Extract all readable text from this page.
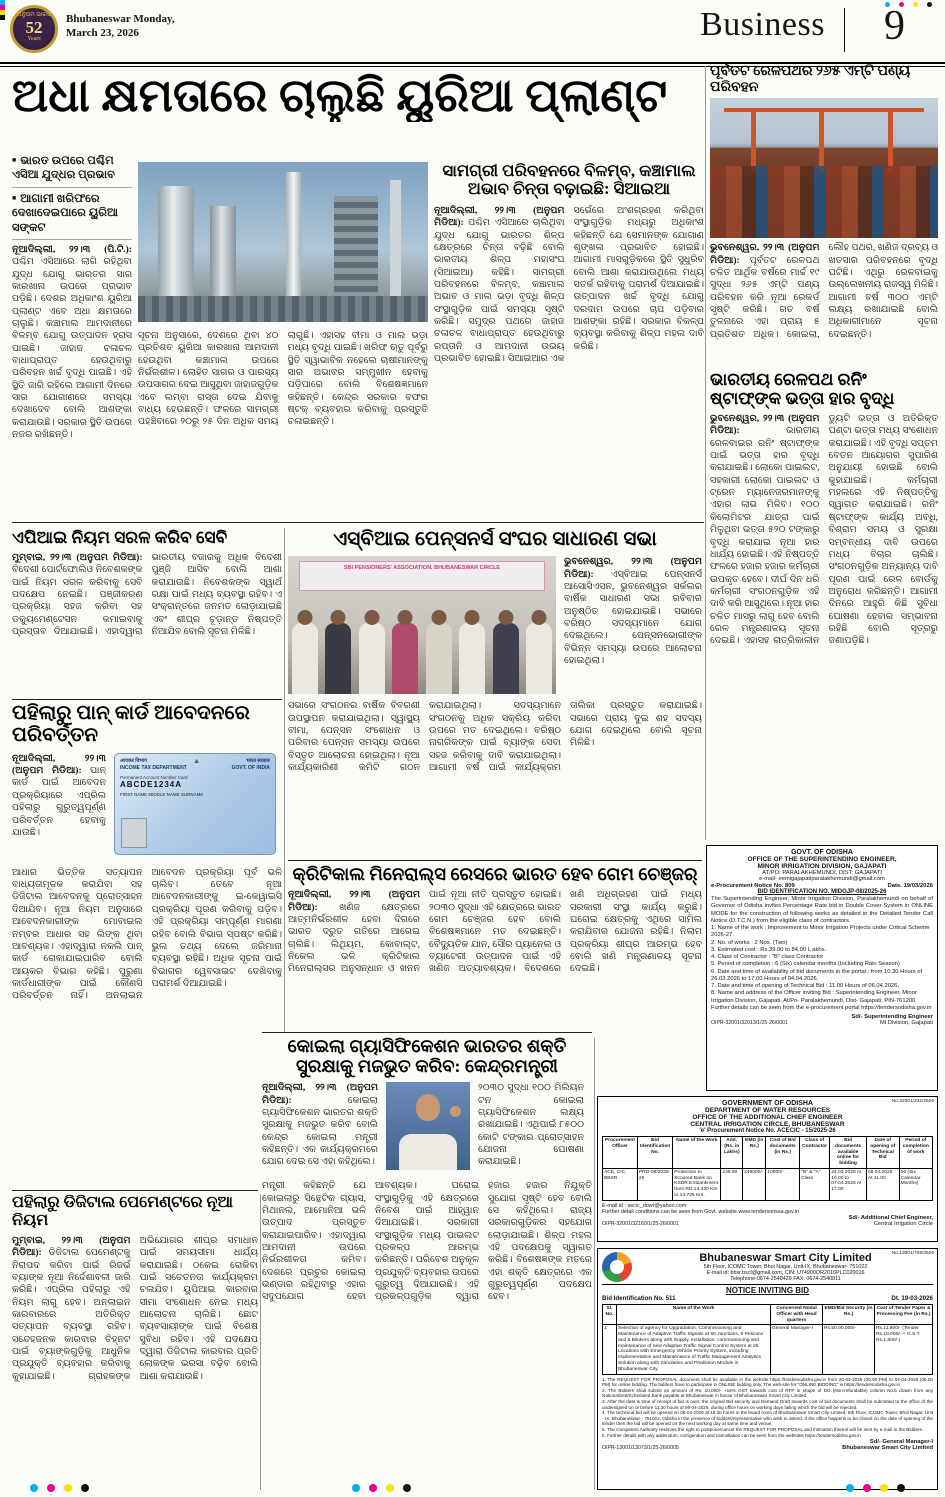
ଅନୁପମ ଭାରତ
52
Years
Bhubaneswar Monday,
March 23, 2026	Business 9
ଅଧା କ୍ଷମତାରେ ଚାଲୁଛି ୟୁରିଆ ପ୍ଲାଣ୍ଟ
■ ଭାରତ ଉପରେ ପଶ୍ଚିମ ଏସିଆ ଯୁଦ୍ଧର ପ୍ରଭାବ
■ ଆଗାମୀ ଖରିଫରେ ଦେଖାଦେଇପାରେ ୟୁରିଆ ସଙ୍କଟ
ନୂଆଦିଲ୍ଲୀ, ୨୨।୩ (ପି.ଟି.): ପଶ୍ଚିମ ଏସିଆରେ ଲାଗି ରହିଥିବା ଯୁଦ୍ଧ ଯୋଗୁ ଭାରତର ସାର କାରଖାନା ଉପରେ ପ୍ରଭାବ ପଡ଼ିଛି। ଦେଶର ଅଧିକାଂଶ ୟୁରିଆ ପ୍ଲାଣ୍ଟ ଏବେ ଅଧା କ୍ଷମତାରେ ଚାଲୁଛି। କଞ୍ଚାମାଲ ଆମଦାନୀରେ ବିଳମ୍ବ ଯୋଗୁ ଉତ୍ପାଦନ ହ୍ରାସ ପାଇଛି। ଜାହାଜ ଚଳାଚଳ ବାଧାପ୍ରାପ୍ତ ହେଉଥିବାରୁ ପରିବହନ ଖର୍ଚ୍ଚ ବୃଦ୍ଧି ପାଇଛି। ଏହି ସ୍ଥିତି ଜାରି ରହିଲେ ଆଗାମୀ ଦିନରେ ସାର ଯୋଗାଣରେ ସମସ୍ୟା ଦେଖାଦେବ ବୋଲି ଆଶଙ୍କା କରାଯାଉଛି। ସରକାର ସ୍ଥିତି ଉପରେ ନଜର ରଖିଛନ୍ତି।
ସୂଚନା ଅନୁସାରେ, ଦେଶରେ ଥିବା ୪୦ ପ୍ରତିଶତ ୟୁରିଆ କାରଖାନା ଆମଦାନୀ ହେଉଥିବା କଞ୍ଚାମାଲ ଉପରେ ନିର୍ଭରଶୀଳ। ଲୋହିତ ସାଗର ଓ ପାରସ୍ୟ ଉପସାଗର ଦେଇ ଆସୁଥିବା ଜାହାଜଗୁଡ଼ିକ ଏବେ ଲମ୍ବା ରାସ୍ତା ଦେଇ ଯିବାକୁ ବାଧ୍ୟ ହେଉଛନ୍ତି। ଫଳରେ ସାମଗ୍ରୀ ପହଞ୍ଚିବାରେ ୨୦ରୁ ୨୫ ଦିନ ଅଧିକ ସମୟ ଲାଗୁଛି। ଏହାସହ ବୀମା ଓ ମାଲ ଭଡ଼ା ମଧ୍ୟ ବୃଦ୍ଧି ପାଇଛି। ଖରିଫ ଋତୁ ପୂର୍ବରୁ ସ୍ଥିତି ସ୍ୱାଭାବିକ ନହେଲେ ଚାଷୀମାନଙ୍କୁ ସାର ଅଭାବର ସମ୍ମୁଖୀନ ହେବାକୁ ପଡ଼ିପାରେ ବୋଲି ବିଶେଷଜ୍ଞମାନେ କହିଛନ୍ତି। କେନ୍ଦ୍ର ସରକାର ବଫର ଷ୍ଟକ୍ ବ୍ୟବହାର କରିବାକୁ ପ୍ରସ୍ତୁତି ଚଳାଇଛନ୍ତି।
ସାମଗ୍ରୀ ପରିବହନରେ ବିଳମ୍ବ, କଞ୍ଚାମାଲ ଅଭାବ ଚିନ୍ତା ବଢ଼ାଇଛି: ସିଆଇଆ
ନୂଆଦିଲ୍ଲୀ, ୨୨।୩ (ଅନୁପମ ମିଡିଆ): ପଶ୍ଚିମ ଏସିଆରେ ଚାଲିଥିବା ଯୁଦ୍ଧ ଯୋଗୁ ଭାରତର ଶିଳ୍ପ କ୍ଷେତ୍ରରେ ଚିନ୍ତା ବଢ଼ିଛି ବୋଲି ଭାରତୀୟ ଶିଳ୍ପ ମହାସଂଘ (ସିଆଇଆ) କହିଛି। ସାମଗ୍ରୀ ପରିବହନରେ ବିଳମ୍ବ, କଞ୍ଚାମାଲ ଅଭାବ ଓ ମାଲ ଭଡ଼ା ବୃଦ୍ଧି ଶିଳ୍ପ ସଂସ୍ଥାଗୁଡ଼ିକ ପାଇଁ ସମସ୍ୟା ସୃଷ୍ଟି କରିଛି। ସମୁଦ୍ର ପଥରେ ଜାହାଜ ଚଳାଚଳ ବାଧାପ୍ରାପ୍ତ ହେଉଥିବାରୁ ରପ୍ତାନି ଓ ଆମଦାନୀ ଉଭୟ ପ୍ରଭାବିତ ହୋଇଛି। ସିଆଇଆର ଏକ ସର୍ଭେରେ ଅଂଶଗ୍ରହଣ କରିଥିବା ସଂସ୍ଥାଗୁଡ଼ିକ ମଧ୍ୟରୁ ଅଧିକାଂଶ କହିଛନ୍ତି ଯେ ସେମାନଙ୍କ ଯୋଗାଣ ଶୃଙ୍ଖଳା ପ୍ରଭାବିତ ହୋଇଛି। ଆଗାମୀ ମାସଗୁଡ଼ିକରେ ସ୍ଥିତି ସୁଧୁରିବ ବୋଲି ଆଶା କରାଯାଉଥିଲେ ମଧ୍ୟ ସତର୍କ ରହିବାକୁ ପରାମର୍ଶ ଦିଆଯାଇଛି। ଉତ୍ପାଦନ ଖର୍ଚ୍ଚ ବୃଦ୍ଧି ଯୋଗୁ ଦରଦାମ ଉପରେ ଚାପ ପଡ଼ିବାର ଆଶଙ୍କା ରହିଛି। ସରକାର ବିକଳ୍ପ ବ୍ୟବସ୍ଥା କରିବାକୁ ଶିଳ୍ପ ମହଲ ଦାବି କରିଛି।
ପୂର୍ବତଟ ରେଳପଥର ୨୬୫ ଏମ୍ଟି ପଣ୍ୟ ପରିବହନ
ଭୁବନେଶ୍ୱର, ୨୨।୩ (ଅନୁପମ ମିଡିଆ): ପୂର୍ବତଟ ରେଳପଥ ଚଳିତ ଆର୍ଥିକ ବର୍ଷରେ ମାର୍ଚ୍ଚ ୧୯ ସୁଦ୍ଧା ୨୬୫ ଏମ୍ଟି ପଣ୍ୟ ପରିବହନ କରି ନୂଆ ରେକର୍ଡ ସୃଷ୍ଟି କରିଛି। ଗତ ବର୍ଷ ତୁଳନାରେ ଏହା ପ୍ରାୟ ୫ ପ୍ରତିଶତ ଅଧିକ। କୋଇଲା, ଲୌହ ପଥର, ଖଣିଜ ଦ୍ରବ୍ୟ ଓ ଖତସାର ପରିବହନରେ ବୃଦ୍ଧି ଘଟିଛି। ଏଥିରୁ ରେଳବାଇକୁ ଉଲ୍ଲେଖନୀୟ ରାଜସ୍ୱ ମିଳିଛି। ଆଗାମୀ ବର୍ଷ ୩୦୦ ଏମ୍ଟି ଲକ୍ଷ୍ୟ ରଖାଯାଇଛି ବୋଲି ଅଧିକାରୀମାନେ ସୂଚନା ଦେଇଛନ୍ତି।
ଭାରତୀୟ ରେଳପଥ ରନିଂ ଷ୍ଟାଫ୍ଙ୍କ ଭତ୍ତା ହାର ବୃଦ୍ଧି
ଭୁବନେଶ୍ୱର, ୨୨।୩ (ଅନୁପମ ମିଡିଆ):	ଭାରତୀୟ ରେଳବାଇର ରନିଂ ଷ୍ଟାଫ୍ଙ୍କ ପାଇଁ ଭତ୍ତା ହାର ବୃଦ୍ଧି କରାଯାଇଛି। ଲୋକୋ ପାଇଲଟ, ସହକାରୀ ଲୋକୋ ପାଇଲଟ ଓ ଟ୍ରେନ ମ୍ୟାନେଜରମାନଙ୍କୁ ଏହାର ଲାଭ ମିଳିବ। ୧୦୦ କିଲୋମିଟର ଯାତ୍ରା ପାଇଁ ମିଳୁଥିବା ଭତ୍ତା ୫୨୦ ଟଙ୍କାରୁ ବୃଦ୍ଧି କରାଯାଇ ନୂଆ ହାର ଧାର୍ଯ୍ୟ ହୋଇଛି। ଏହି ନିଷ୍ପତ୍ତି ଫଳରେ ହଜାର ହଜାର କର୍ମଚାରୀ ଉପକୃତ ହେବେ। ଦୀର୍ଘ ଦିନ ଧରି କର୍ମଚାରୀ ସଂଗଠନଗୁଡ଼ିକ ଏହି ଦାବି କରି ଆସୁଥିଲେ। ନୂଆ ହାର ଚଳିତ ମାସରୁ ଲାଗୁ ହେବ ବୋଲି ରେଳ ମନ୍ତ୍ରଣାଳୟ ସୂଚନା ଦେଇଛି। ଏହାସହ ରାତ୍ରିକାଳୀନ ଡ୍ୟୁଟି ଭତ୍ତା ଓ ଅତିରିକ୍ତ ଘଣ୍ଟା ଭତ୍ତା ମଧ୍ୟ ସଂଶୋଧନ କରାଯାଇଛି। ଏହି ବୃଦ୍ଧି ସପ୍ତମ ବେତନ ଆୟୋଗର ସୁପାରିଶ ଅନୁଯାୟୀ ହୋଇଛି ବୋଲି କୁହାଯାଇଛି। କର୍ମଚାରୀ ମହଲରେ ଏହି ନିଷ୍ପତ୍ତିକୁ ସ୍ୱାଗତ କରାଯାଇଛି। ରନିଂ ଷ୍ଟାଫ୍ଙ୍କ କାର୍ଯ୍ୟ ଅବଧି, ବିଶ୍ରାମ ସମୟ ଓ ସୁରକ୍ଷା ସମ୍ବନ୍ଧୀୟ ଦାବି ଉପରେ ମଧ୍ୟ ବିଚାର ଚାଲିଛି। ସଂଗଠନଗୁଡ଼ିକ ଅନ୍ୟାନ୍ୟ ଦାବି ପୂରଣ ପାଇଁ ରେଳ ବୋର୍ଡକୁ ଅନୁରୋଧ କରିଛନ୍ତି। ଆଗାମୀ ଦିନରେ ଆହୁରି କିଛି ସୁବିଧା ଘୋଷଣା ହେବାର ସମ୍ଭାବନା ରହିଛି ବୋଲି ସୂତ୍ରରୁ ଜଣାପଡ଼ିଛି।
ଏପିଆଇ ନିୟମ ସରଳ କରିବ ସେବି
ମୁମ୍ବାଇ, ୨୨।୩ (ଅନୁପମ ମିଡିଆ): ବିଦେଶୀ ପୋର୍ଟଫୋଲିଓ ନିବେଶକଙ୍କ ପାଇଁ ନିୟମ ସରଳ କରିବାକୁ ସେବି ପଦକ୍ଷେପ ନେଇଛି। ପଞ୍ଜୀକରଣ ପ୍ରକ୍ରିୟା ସହଜ କରିବା ସହ ଡକ୍ୟୁମେଣ୍ଟେସନ କମାଇବାକୁ ପ୍ରସ୍ତାବ ଦିଆଯାଇଛି। ଏହାଦ୍ୱାରା ଭାରତୀୟ ବଜାରକୁ ଅଧିକ ବିଦେଶୀ ପୁଞ୍ଜି ଆସିବ ବୋଲି ଆଶା କରାଯାଉଛି। ନିବେଶକଙ୍କ ସ୍ୱାର୍ଥ ରକ୍ଷା ପାଇଁ ମଧ୍ୟ ବ୍ୟବସ୍ଥା ରହିବ। ଏ ସଂକ୍ରାନ୍ତରେ ଜନମତ ଲୋଡ଼ାଯାଇଛି ଏବଂ ଶୀଘ୍ର ଚୂଡ଼ାନ୍ତ ନିଷ୍ପତ୍ତି ନିଆଯିବ ବୋଲି ସୂଚନା ମିଳିଛି।
ଏସ୍‌ବିଆଇ ପେନ୍ସନର୍ସ ସଂଘର ସାଧାରଣ ସଭା
SBI PENSIONERS' ASSOCIATION, BHUBANESWAR CIRCLE
ଭୁବନେଶ୍ୱର, ୨୨।୩ (ଅନୁପମ ମିଡିଆ): ଏସ୍‌ବିଆଇ ପେନ୍ସନର୍ସ ଆସୋସିଏସନ, ଭୁବନେଶ୍ୱର ସର୍କଲର ବାର୍ଷିକ ସାଧାରଣ ସଭା ରବିବାର ଅନୁଷ୍ଠିତ ହୋଇଯାଇଛି। ସଭାରେ ବରିଷ୍ଠ ସଦସ୍ୟମାନେ ଯୋଗ ଦେଇଥିଲେ। ପେନ୍ସନଭୋଗୀଙ୍କ ବିଭିନ୍ନ ସମସ୍ୟା ଉପରେ ଆଲୋଚନା ହୋଇଥିଲା।
ସଭାରେ ସଂଗଠନର ବାର୍ଷିକ ବିବରଣୀ ଉପସ୍ଥାପନ କରାଯାଇଥିଲା। ସ୍ୱାସ୍ଥ୍ୟ ବୀମା, ପେନ୍ସନ ସଂଶୋଧନ ଓ ପରିବାର ପେନ୍ସନ ସମସ୍ୟା ଉପରେ ବିସ୍ତୃତ ଆଲୋଚନା ହୋଇଥିଲା। ନୂଆ କାର୍ଯ୍ୟକାରିଣୀ କମିଟି ଗଠନ କରାଯାଇଥିଲା। ସଦସ୍ୟମାନେ ସଂଗଠନକୁ ଅଧିକ ସକ୍ରିୟ କରିବା ଉପରେ ମତ ଦେଇଥିଲେ। ବରିଷ୍ଠ ନାଗରିକଙ୍କ ପାଇଁ ବ୍ୟାଙ୍କ ସେବା ସହଜ କରିବାକୁ ଦାବି କରାଯାଇଥିଲା। ଆଗାମୀ ବର୍ଷ ପାଇଁ କାର୍ଯ୍ୟକ୍ରମ ତାଲିକା ପ୍ରସ୍ତୁତ କରାଯାଇଛି। ସଭାରେ ପ୍ରାୟ ଦୁଇ ଶହ ସଦସ୍ୟ ଯୋଗ ଦେଇଥିଲେ ବୋଲି ସୂଚନା ମିଳିଛି।
ପହିଲାରୁ ପାନ୍ କାର୍ଡ ଆବେଦନରେ ପରିବର୍ତ୍ତନ
ନୂଆଦିଲ୍ଲୀ, ୨୨।୩ (ଅନୁପମ ମିଡିଆ): ପାନ୍ କାର୍ଡ ପାଇଁ ଆବେଦନ ପ୍ରକ୍ରିୟାରେ ଏପ୍ରିଲ ପହିଲାରୁ ଗୁରୁତ୍ୱପୂର୍ଣ୍ଣ ପରିବର୍ତ୍ତନ ହେବାକୁ ଯାଉଛି।
आयकर विभाग	▲	भारत सरकार
INCOME TAX DEPARTMENT	GOVT. OF INDIA
Permanent Account Number Card
ABCDE1234A
FIRST NAME MIDDLE NAME SURNAME
ଆଧାର ଭିତ୍ତିକ ସତ୍ୟାପନ ବାଧ୍ୟତାମୂଳକ କରାଯିବା ସହ ଡିଜିଟାଲ ଆବେଦନକୁ ପ୍ରୋତ୍ସାହନ ଦିଆଯିବ। ନୂଆ ନିୟମ ଅନୁସାରେ ଆବେଦନକାରୀଙ୍କ ମୋବାଇଲ ନମ୍ବର ଆଧାର ସହ ଲିଙ୍କ ଥିବା ଆବଶ୍ୟକ। ଏହାଦ୍ୱାରା ନକଲି ପାନ୍ କାର୍ଡ ରୋକାଯାଇପାରିବ ବୋଲି ଆୟକର ବିଭାଗ କହିଛି। ପୁରୁଣା କାର୍ଡଧାରୀଙ୍କ ପାଇଁ କୌଣସି ପରିବର୍ତ୍ତନ ନାହିଁ। ଅନଲାଇନ ଆବେଦନ ପ୍ରକ୍ରିୟା ପୂର୍ବ ଭଳି ଚାଲିବ। ତେବେ ନୂଆ ଆବେଦନକାରୀଙ୍କୁ ଇ-କେୱାଇସି ପ୍ରକ୍ରିୟା ପୂରଣ କରିବାକୁ ପଡ଼ିବ। ଏହି ପ୍ରକ୍ରିୟା ସମ୍ପୂର୍ଣ୍ଣ ମାଗଣା ରହିବ ବୋଲି ବିଭାଗ ସ୍ପଷ୍ଟ କରିଛି। ଭୁଲ ତଥ୍ୟ ଦେଲେ ଜରିମାନା ବ୍ୟବସ୍ଥା ରହିଛି। ଅଧିକ ସୂଚନା ପାଇଁ ବିଭାଗର ୱେବସାଇଟ ଦେଖିବାକୁ ପରାମର୍ଶ ଦିଆଯାଇଛି।
କ୍ରିଟିକାଲ ମିନେରାଲ୍ସ ରେସରେ ଭାରତ ହେବ ଗେମ ଚେଞ୍ଜର୍
ନୂଆଦିଲ୍ଲୀ, ୨୨।୩ (ଅନୁପମ ମିଡିଆ): ଖଣିଜ କ୍ଷେତ୍ରରେ ଆତ୍ମନିର୍ଭରଶୀଳ ହେବା ଦିଗରେ ଭାରତ ଦ୍ରୁତ ଗତିରେ ଆଗେଇ ଚାଲିଛି। ଲିଥିୟମ, କୋବାଲ୍ଟ, ନିକେଲ ଭଳି କ୍ରିଟିକାଲ ମିନେରାଲ୍ସର ଅନୁସନ୍ଧାନ ଓ ଖନନ ପାଇଁ ନୂଆ ନୀତି ପ୍ରସ୍ତୁତ ହୋଇଛି। ୨୦୩୦ ସୁଦ୍ଧା ଏହି କ୍ଷେତ୍ରରେ ଭାରତ ଗେମ ଚେଞ୍ଜର ହେବ ବୋଲି ବିଶେଷଜ୍ଞମାନେ ମତ ଦେଇଛନ୍ତି। ବୈଦ୍ୟୁତିକ ଯାନ, ସୌର ପ୍ୟାନେଲ ଓ ବ୍ୟାଟେରୀ ଉତ୍ପାଦନ ପାଇଁ ଏହି ଖଣିଜ ଅତ୍ୟାବଶ୍ୟକ। ବିଦେଶରେ ଖଣି ଅଧିଗ୍ରହଣ ପାଇଁ ମଧ୍ୟ ସରକାରୀ ସଂସ୍ଥା କାର୍ଯ୍ୟ କରୁଛି। ଘରୋଇ କ୍ଷେତ୍ରକୁ ଏଥିରେ ସାମିଲ କରାଯିବାର ଯୋଜନା ରହିଛି। ନିଲାମ ପ୍ରକ୍ରିୟା ଶୀଘ୍ର ଆରମ୍ଭ ହେବ ବୋଲି ଖଣି ମନ୍ତ୍ରଣାଳୟ ସୂଚନା ଦେଇଛି।
କୋଇଲା ଗ୍ୟାସିଫିକେଶନ ଭାରତର ଶକ୍ତି ସୁରକ୍ଷାକୁ ମଜଭୁତ କରିବ: କେନ୍ଦ୍ରମନ୍ତ୍ରୀ
ନୂଆଦିଲ୍ଲୀ, ୨୨।୩ (ଅନୁପମ ମିଡିଆ):	କୋଇଲା ଗ୍ୟାସିଫିକେଶନ ଭାରତର ଶକ୍ତି ସୁରକ୍ଷାକୁ ମଜଭୁତ କରିବ ବୋଲି କେନ୍ଦ୍ର କୋଇଲା ମନ୍ତ୍ରୀ କହିଛନ୍ତି। ଏକ କାର୍ଯ୍ୟକ୍ରମରେ ଯୋଗ ଦେଇ ସେ ଏହା କହିଥିଲେ।
୨୦୩୦ ସୁଦ୍ଧା ୧୦୦ ମିଲିୟନ ଟନ କୋଇଲା ଗ୍ୟାସିଫିକେଶନ ଲକ୍ଷ୍ୟ ରଖାଯାଇଛି। ଏଥିପାଇଁ ୮୫୦୦ କୋଟି ଟଙ୍କାର ପ୍ରୋତ୍ସାହନ ଯୋଜନା ଘୋଷଣା କରାଯାଇଛି।
ମନ୍ତ୍ରୀ କହିଛନ୍ତି ଯେ କୋଇଲାରୁ ସିନ୍ଥେଟିକ ଗ୍ୟାସ, ମିଥାନଲ, ଆମୋନିଆ ଭଳି ଉତ୍ପାଦ ପ୍ରସ୍ତୁତ କରାଯାଇପାରିବ। ଏହାଦ୍ୱାରା ଆମଦାନୀ ଉପରେ ନିର୍ଭରଶୀଳତା କମିବ। ଦେଶରେ ପ୍ରଚୁର କୋଇଲା ଭଣ୍ଡାର ରହିଥିବାରୁ ଏହାର ସଦୁପଯୋଗ ହେବା ଆବଶ୍ୟକ। ଘରୋଇ ସଂସ୍ଥାଗୁଡ଼ିକୁ ଏହି କ୍ଷେତ୍ରରେ ନିବେଶ ପାଇଁ ଆହ୍ୱାନ ଦିଆଯାଇଛି। ସରକାରୀ ସଂସ୍ଥାଗୁଡ଼ିକ ମଧ୍ୟ ପାଇଲଟ ପ୍ରକଳ୍ପ ଆରମ୍ଭ କରିଛନ୍ତି। ପରିବେଶ ଅନୁକୂଳ ପ୍ରଯୁକ୍ତି ବ୍ୟବହାର ଉପରେ ଗୁରୁତ୍ୱ ଦିଆଯାଉଛି। ଏହି ପ୍ରକଳ୍ପଗୁଡ଼ିକ ଦ୍ୱାରା ହଜାର ହଜାର ନିଯୁକ୍ତି ସୁଯୋଗ ସୃଷ୍ଟି ହେବ ବୋଲି ସେ କହିଥିଲେ। ରାଜ୍ୟ ସରକାରଗୁଡ଼ିକର ସହଯୋଗ ଲୋଡ଼ାଯାଇଛି। ଶିଳ୍ପ ମହଲ ଏହି ପଦକ୍ଷେପକୁ ସ୍ୱାଗତ କରିଛି। ବିଶେଷଜ୍ଞଙ୍କ ମତରେ ଏହା ଶକ୍ତି କ୍ଷେତ୍ରରେ ଏକ ଗୁରୁତ୍ୱପୂର୍ଣ୍ଣ ପଦକ୍ଷେପ ହେବ।
ପହିଲାରୁ ଡିଜିଟାଲ ପେମେଣ୍ଟରେ ନୂଆ ନିୟମ
ମୁମ୍ବାଇ, ୨୨।୩ (ଅନୁପମ ମିଡିଆ): ଡିଜିଟାଲ ପେମେଣ୍ଟକୁ ନିରାପଦ କରିବା ପାଇଁ ରିଜର୍ଭ ବ୍ୟାଙ୍କ ନୂଆ ନିର୍ଦ୍ଦେଶାବଳୀ ଜାରି କରିଛି। ଏପ୍ରିଲ ପହିଲାରୁ ଏହି ନିୟମ ଲାଗୁ ହେବ। ଅନଲାଇନ କାରବାରରେ ଅତିରିକ୍ତ ସତ୍ୟାପନ ବ୍ୟବସ୍ଥା ରହିବ। ସନ୍ଦେହଜନକ କାରବାର ଚିହ୍ନଟ ପାଇଁ ବ୍ୟାଙ୍କଗୁଡ଼ିକୁ ଆଧୁନିକ ପ୍ରଯୁକ୍ତି ବ୍ୟବହାର କରିବାକୁ କୁହାଯାଇଛି। ଗ୍ରାହକଙ୍କ ଅଭିଯୋଗର ଶୀଘ୍ର ସମାଧାନ ପାଇଁ ସମୟସୀମା ଧାର୍ଯ୍ୟ କରାଯାଇଛି। ଠକେଇ ରୋକିବା ପାଇଁ ସଚେତନତା କାର୍ଯ୍ୟକ୍ରମ ଚଳାଯିବ। ୟୁପିଆଇ କାରବାର ସୀମା ସଂଶୋଧନ ନେଇ ମଧ୍ୟ ଆଲୋଚନା ଚାଲିଛି। ଛୋଟ ବ୍ୟବସାୟୀଙ୍କ ପାଇଁ ବିଶେଷ ସୁବିଧା ରହିବ। ଏହି ପଦକ୍ଷେପ ଦ୍ୱାରା ଡିଜିଟାଲ କାରବାର ପ୍ରତି ଲୋକଙ୍କ ଭରସା ବଢ଼ିବ ବୋଲି ଆଶା କରାଯାଉଛି।
GOVT. OF ODISHA
OFFICE OF THE SUPERINTENDING ENGINEER,
MINOR IRRIGATION DIVISION, GAJAPATI
AT/PO: PARALAKHEMUNDI, DIST: GAJAPATI
e-mail- eemigajapatiparalakhemundi@gmail.com
e-Procurement Notice No. 809	Date. 19/03/2026
BID IDENTIFICATION NO. MIDGJP-08/2025-26
The Superintending Engineer, Minor Irrigation Division, Paralakhemundi on behalf of Governor of Odisha invites Percentage Rate bid in Double Cover System in ONLINE MODE for the construction of following works as detailed in the Detailed Tender Call Notice (D.T.C.N.) from the eligible class of contractors.
1. Name of the work : Improvement to Minor Irrigation Projects under Critical Scheme 2026-27.
2. No. of works : 2 Nos. (Two)
3. Estimated cost : Rs.39.00 to 84.00 L akhs.
4. Class of Contractor : "B" class Contractor
5. Period of completion : 6 (Six) calendar months (Including Rain Season)
6. Date and time of availability of bid documents in the portal : from 10.30 Hours of 26.03.2026 to 17.00 Hours of 04.04.2026.
7. Date and time of opening of Technical Bid : 11.00 Hours of 06.04.2026.
8. Name and address of the Officer inviting Bid : Superintending Engineer, Minor Irrigation Division, Gajapati, At/Po- Paralakhemundi, Dist- Gajapati, PIN-761200
Further details can be seen from the e-procurement portal https://tendersodisha.gov.in
OIPR-32001/32013/1/25-26/0001
Sd/- Superintending Engineer
MI Division, Gajapati
No.32001/232/2526
GOVERNMENT OF ODISHA
DEPARTMENT OF WATER RESOURCES
OFFICE OF THE ADDITIONAL CHIEF ENGINEER
CENTRAL IRRIGATION CIRCLE, BHUBANESWAR
'e' Procurement Notice No. ACECIC - 15/2025-26
Procurement Officer	Bid Identification No.	Name of the Work	Amt. (Rs. in Lakhs)	EMD (in Rs.)	Cost of Bid documents (in Rs.)	Class of Contractor	Bid documents available online for bidding	Date of opening of Technical Bid	Period of completion of work
ACE, CIC, BBSR	PRD-08/2025-26	Protection to Scoured Bank on KSDR Embankment from RD.13.430 Km to 13.725 Km.	248.90	249000/-	10000/-	"B" & "A" Class	24.03.2026 At 10.00 to 07.04.2026 At 17.00	08.04.2026 At 11.00	06 (Six Calendar Months)
E-mail id : secic_dowr@yahoo.com
Further detail conditions can be seen from Govt. website www.tendersorissa.gov.in
OIPR-32001/32160/1/25-26/0001
Sd/- Additional Chief Engineer,
Central Irrigation Circle
No.13001/709/2526
Bhubaneswar Smart City Limited
5th Floor, ICOMC Tower, Bhoi Nagar, Unit-IX, Bhubaneswar- 751022
E-mail id: bbsr.bscl@gmail.com, CIN: U74900OR2016PLC020016
Telephone-0674-2548429 FAX: 0674-2540811
NOTICE INVITING BID
Bid Identification No. 511	Dt. 19-03-2026
Sl. No.	Name of the Work	Concerned Nodal Officer with Head quarters	EMD/Bid Security (in Rs.)	Cost of Tender Paper & Processing Fee (in Rs.)
1	Selection of agency for Upgradation, Commissioning and Maintenance of Adaptive Traffic Signals at 50 Junctions, 6 Pelicans and 5 Blinkers along with Supply, Installation, commissioning and maintenance of new Adaptive Traffic Signal Control System at 25 Locations with Emergency Vehicle Priority System, including Implementation and Maintenance of Traffic Management Analytics Solution along with Simulation and Prediction Module in Bhubaneswar City.	General Manager-I	Rs.50,00,000/-	Rs.11,800/- (Tender Rs.10,000/- + G.S.T. Rs.1,800/-)
1. The REQUEST FOR PROPOSAL document shall be available in the website https://tendersodisha.gov.in from 20-03-2026 (05.00 PM) to 04-04-2026 (05.00 PM) for online bidding. The bidders have to participate in ONLINE bidding only. The web-site for "ONLINE BIDDING" is https://tendersodisha.gov.in
2. The Bidders shall submit an amount of Rs. 10,000/- +18% GST towards cost of RFP in shape of DD (Non-refundable) column No.5 drawn from any Nationalized/Scheduled Bank payable at Bhubaneswar in favour of Bhubaneswar Smart City Limited.
3. After the date & time of receipt of bid is over, the original Bid security and Demand Draft towards cost of bid documents shall be submitted to the office of the undersigned on or before 11.30 hours of 06-04-2026, during office hours on working days failing which the bid will be rejected.
4. The technical bid will be opened on 06-04-2026 at 15:30 hours in the board room of Bhubaneswar Smart City Limited, 5th Floor, ICOMC Tower, Bhoi Nagar, Unit - IX, Bhubaneswar - 751022, Odisha in the presence of bidders/representative who wish to attend. If the office happens to be closed on the date of opening of the tender then the bid will be opened on the next working day at same time and venue.
5. The Competent Authority reserves the right to postpone/cancel the REQUEST FOR PROPOSAL and intimation thereof will be sent by e-mail to the Bidders.
6. Further details with any addendum, corrigendum and cancellation can be seen from the websites https://tendersodisha.gov.in
OIPR-13001/13073/1/25-26/0005
Sd/- General Manager-I
Bhubaneswar Smart City Limited
